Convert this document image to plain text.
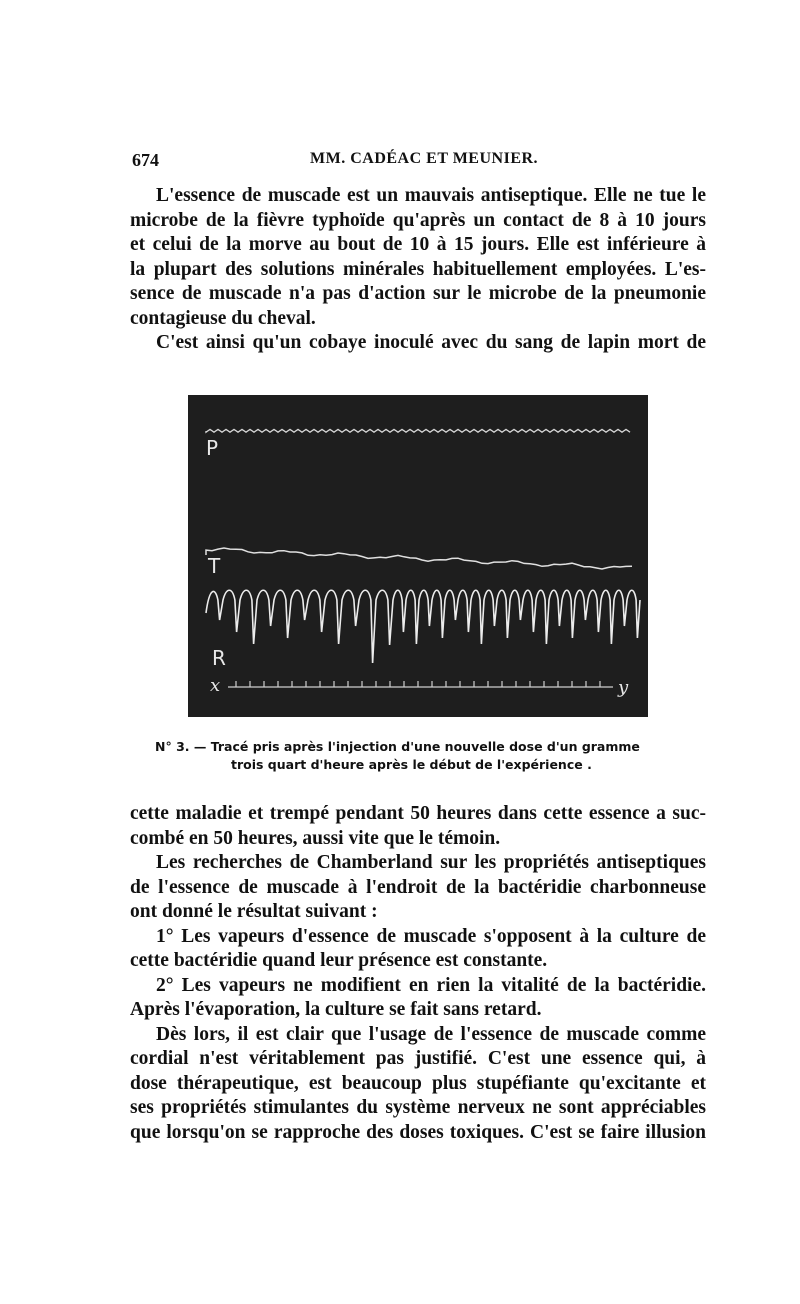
674	MM. CADÉAC ET MEUNIER.
L'essence de muscade est un mauvais antiseptique. Elle ne tue le
microbe de la fièvre typhoïde qu'après un contact de 8 à 10 jours
et celui de la morve au bout de 10 à 15 jours. Elle est inférieure à
la plupart des solutions minérales habituellement employées. L'es-
sence de muscade n'a pas d'action sur le microbe de la pneumonie
contagieuse du cheval.
C'est ainsi qu'un cobaye inoculé avec du sang de lapin mort de
P
T
R
x	y
N° 3. — Tracé pris après l'injection d'une nouvelle dose d'un gramme
trois quart d'heure après le début de l'expérience .
cette maladie et trempé pendant 50 heures dans cette essence a suc-
combé en 50 heures, aussi vite que le témoin.
Les recherches de Chamberland sur les propriétés antiseptiques
de l'essence de muscade à l'endroit de la bactéridie charbonneuse
ont donné le résultat suivant :
1° Les vapeurs d'essence de muscade s'opposent à la culture de
cette bactéridie quand leur présence est constante.
2° Les vapeurs ne modifient en rien la vitalité de la bactéridie.
Après l'évaporation, la culture se fait sans retard.
Dès lors, il est clair que l'usage de l'essence de muscade comme
cordial n'est véritablement pas justifié. C'est une essence qui, à
dose thérapeutique, est beaucoup plus stupéfiante qu'excitante et
ses propriétés stimulantes du système nerveux ne sont appréciables
que lorsqu'on se rapproche des doses toxiques. C'est se faire illusion
